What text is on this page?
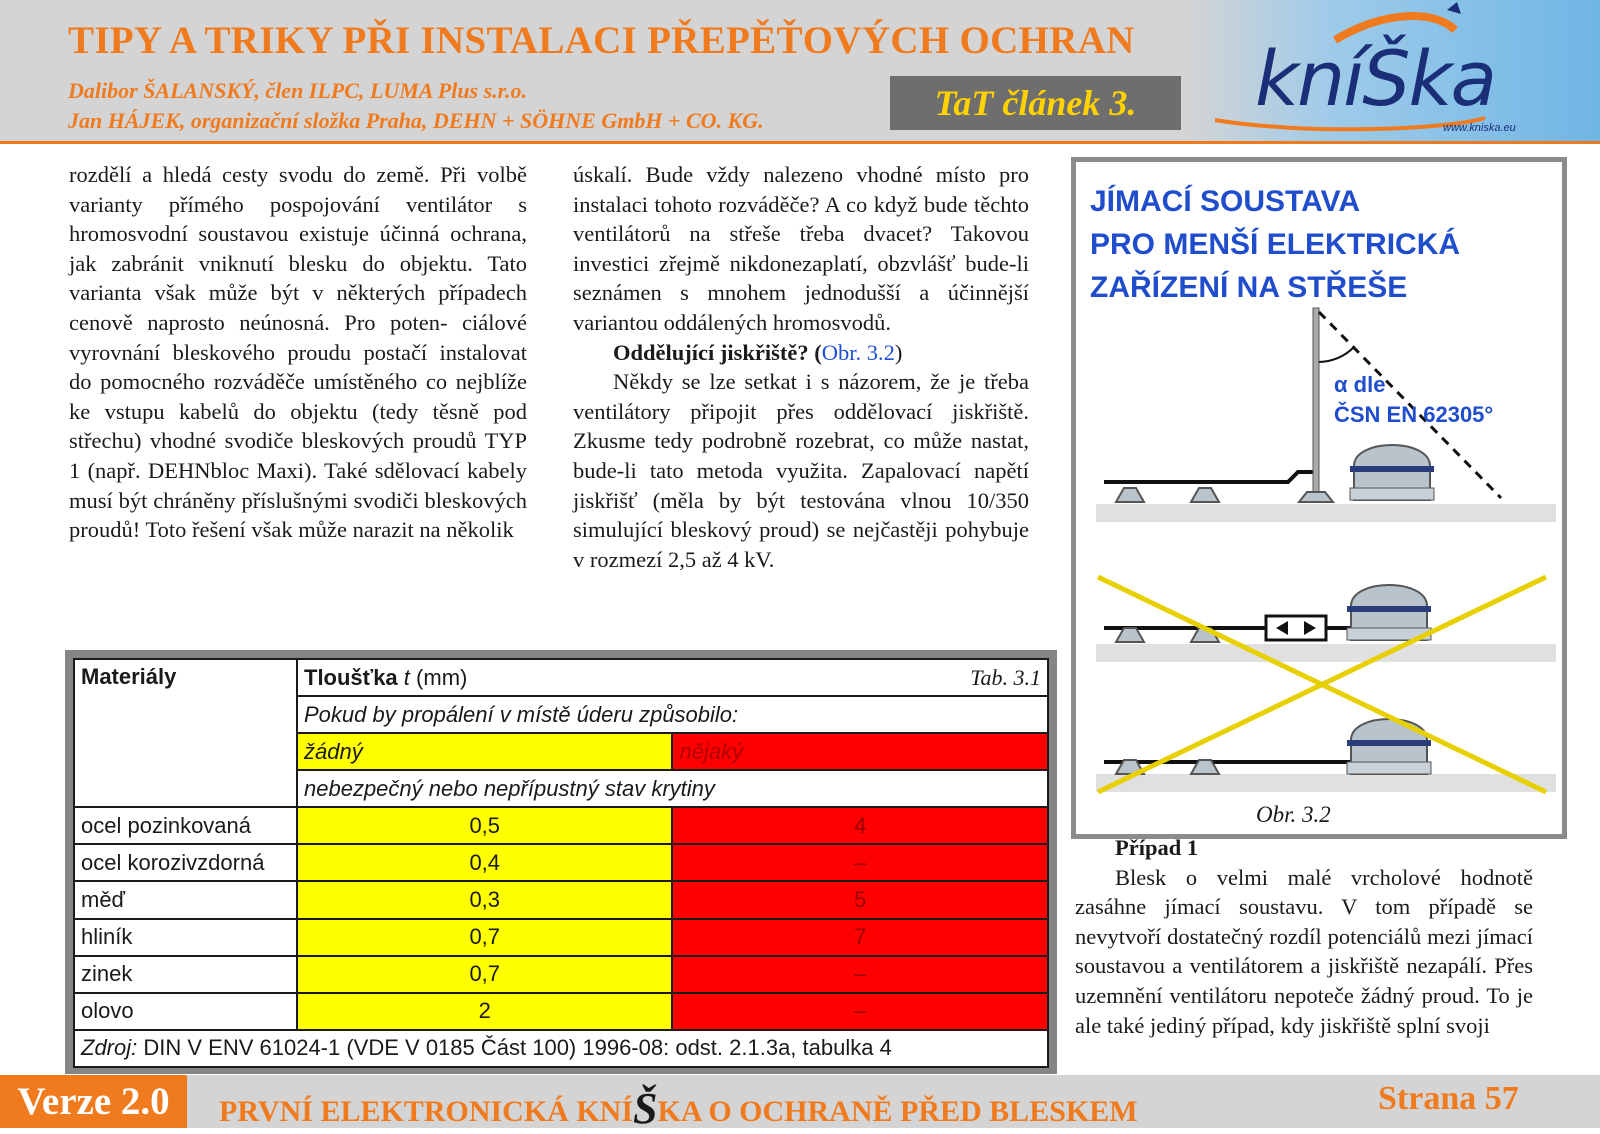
TIPY A TRIKY PŘI INSTALACI PŘEPĚŤOVÝCH OCHRAN
Dalibor ŠALANSKÝ, člen ILPC, LUMA Plus s.r.o.
Jan HÁJEK, organizační složka Praha, DEHN + SÖHNE GmbH + CO. KG.	TaT článek 3.	kníŠka
www.kniska.eu

rozdělí a hledá cesty svodu do země. Při volbě varianty přímého pospojování ventilátor s hromosvodní soustavou existuje účinná ochrana, jak zabránit vniknutí blesku do objektu. Tato varianta však může být v některých případech cenově naprosto neúnosná. Pro poten- ciálové vyrovnání bleskového proudu postačí instalovat do pomocného rozváděče umístěného co nejblíže ke vstupu kabelů do objektu (tedy těsně pod střechu) vhodné svodiče bleskových proudů TYP 1 (např. DEHNbloc Maxi). Také sdělovací kabely musí být chráněny příslušnými svodiči bleskových proudů! Toto řešení však může narazit na několik

úskalí. Bude vždy nalezeno vhodné místo pro instalaci tohoto rozváděče? A co když bude těchto ventilátorů na střeše třeba dvacet? Takovou investici zřejmě nikdonezaplatí, obzvlášť bude-li seznámen s mnohem jednodušší a účinnější variantou oddálených hromosvodů.

Oddělující jiskřiště? (Obr. 3.2)

Někdy se lze setkat i s názorem, že je třeba ventilátory připojit přes oddělovací jiskřiště. Zkusme tedy podrobně rozebrat, co může nastat, bude-li tato metoda využita. Zapalovací napětí jiskřišť (měla by být testována vlnou 10/350 simulující bleskový proud) se nejčastěji pohybuje v rozmezí 2,5 až 4 kV.

JÍMACÍ SOUSTAVA
PRO MENŠÍ ELEKTRICKÁ
ZAŘÍZENÍ NA STŘEŠE
α dle
ČSN EN 62305°
Obr. 3.2

Případ 1

Blesk o velmi malé vrcholové hodnotě zasáhne jímací soustavu. V tom případě se nevytvoří dostatečný rozdíl potenciálů mezi jímací soustavou a ventilátorem a jiskřiště nezapálí. Přes uzemnění ventilátoru nepoteče žádný proud. To je ale také jediný případ, kdy jiskřiště splní svoji

Materiály	Tloušťka t (mm) Tab. 3.1	

	Pokud by propálení v místě úderu způsobilo:	
	žádný	nějaký
	nebezpečný nebo nepřípustný stav krytiny	
ocel pozinkovaná	0,5	4
ocel korozivzdorná	0,4	–
měď	0,3	5
hliník	0,7	7
zinek	0,7	–
olovo	2	–
Zdroj: DIN V ENV 61024-1 (VDE V 0185 Část 100) 1996-08: odst. 2.1.3a, tabulka 4		
Verze 2.0	PRVNÍ ELEKTRONICKÁ KNÍŠKA O OCHRANĚ PŘED BLESKEM	Strana 57
